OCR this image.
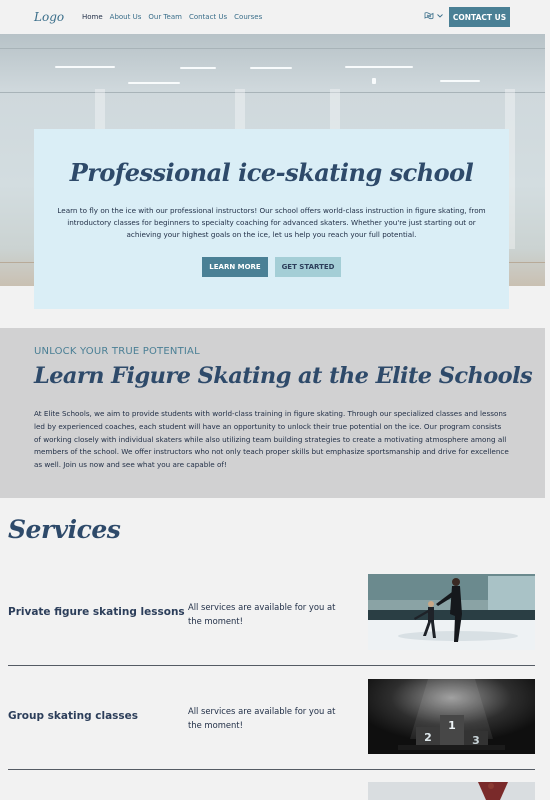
Logo	Home About Us Our Team Contact Us Courses	CONTACT US
Professional ice-skating school

Learn to fly on the ice with our professional instructors! Our school offers world-class instruction in figure skating, from introductory classes for beginners to specialty coaching for advanced skaters. Whether you're just starting out or achieving your highest goals on the ice, let us help you reach your full potential.

LEARN MORE	GET STARTED
UNLOCK YOUR TRUE POTENTIAL
Learn Figure Skating at the Elite Schools

At Elite Schools, we aim to provide students with world-class training in figure skating. Through our specialized classes and lessons led by experienced coaches, each student will have an opportunity to unlock their true potential on the ice. Our program consists of working closely with individual skaters while also utilizing team building strategies to create a motivating atmosphere among all members of the school. We offer instructors who not only teach proper skills but emphasize sportsmanship and drive for excellence as well. Join us now and see what you are capable of!

Services
Private figure skating lessons All services are available for you at the moment!
Group skating classes	All services are available for you at the moment!
2
1
3
